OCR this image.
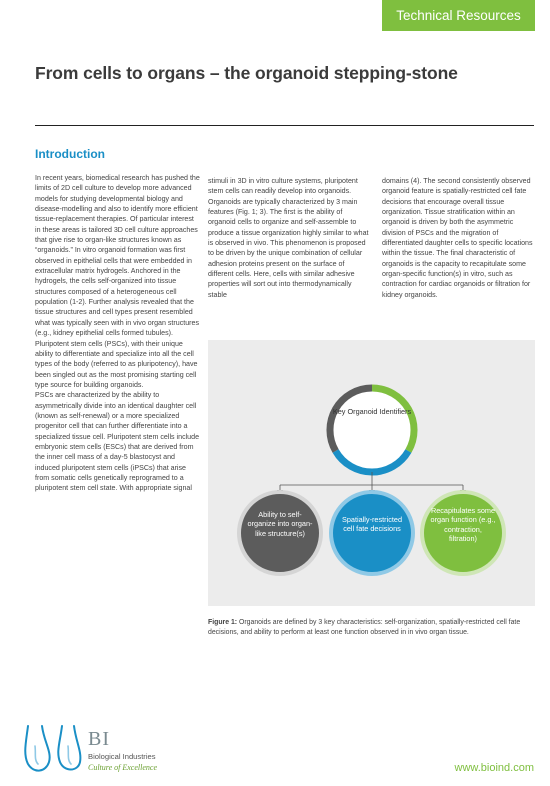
Technical Resources
From cells to organs – the organoid stepping-stone
Introduction

In recent years, biomedical research has pushed the limits of 2D cell culture to develop more advanced models for studying developmental biology and disease-modelling and also to identify more efficient tissue-replacement therapies. Of particular interest in these areas is tailored 3D cell culture approaches that give rise to organ-like structures known as “organoids.” In vitro organoid formation was first observed in epithelial cells that were embedded in extracellular matrix hydrogels. Anchored in the hydrogels, the cells self-organized into tissue structures composed of a heterogeneous cell population (1-2). Further analysis revealed that the tissue structures and cell types present resembled what was typically seen with in vivo organ structures (e.g., kidney epithelial cells formed tubules). Pluripotent stem cells (PSCs), with their unique ability to differentiate and specialize into all the cell types of the body (referred to as pluripotency), have been singled out as the most promising starting cell type source for building organoids.

PSCs are characterized by the ability to asymmetrically divide into an identical daughter cell (known as self-renewal) or a more specialized progenitor cell that can further differentiate into a specialized tissue cell. Pluripotent stem cells include embryonic stem cells (ESCs) that are derived from the inner cell mass of a day-5 blastocyst and induced pluripotent stem cells (iPSCs) that arise from somatic cells genetically reprogramed to a pluripotent stem cell state. With appropriate signal

stimuli in 3D in vitro culture systems, pluripotent stem cells can readily develop into organoids.

Organoids are typically characterized by 3 main features (Fig. 1; 3). The first is the ability of organoid cells to organize and self-assemble to produce a tissue organization highly similar to what is observed in vivo. This phenomenon is proposed to be driven by the unique combination of cellular adhesion proteins present on the surface of different cells. Here, cells with similar adhesive properties will sort out into thermodynamically stable

domains (4). The second consistently observed organoid feature is spatially-restricted cell fate decisions that encourage overall tissue organization. Tissue stratification within an organoid is driven by both the asymmetric division of PSCs and the migration of differentiated daughter cells to specific locations within the tissue. The final characteristic of organoids is the capacity to recapitulate some organ-specific function(s) in vitro, such as contraction for cardiac organoids or filtration for kidney organoids.

Key Organoid Identifiers
Ability to self-organize into organ-like structure(s)
Spatially-restricted cell fate decisions
Recapitulates some organ function (e.g., contraction, filtration)

Figure 1: Organoids are defined by 3 key characteristics: self-organization, spatially-restricted cell fate decisions, and ability to perform at least one function observed in in vivo organ tissue.

BI
Biological Industries
Culture of Excellence	www.bioind.com
